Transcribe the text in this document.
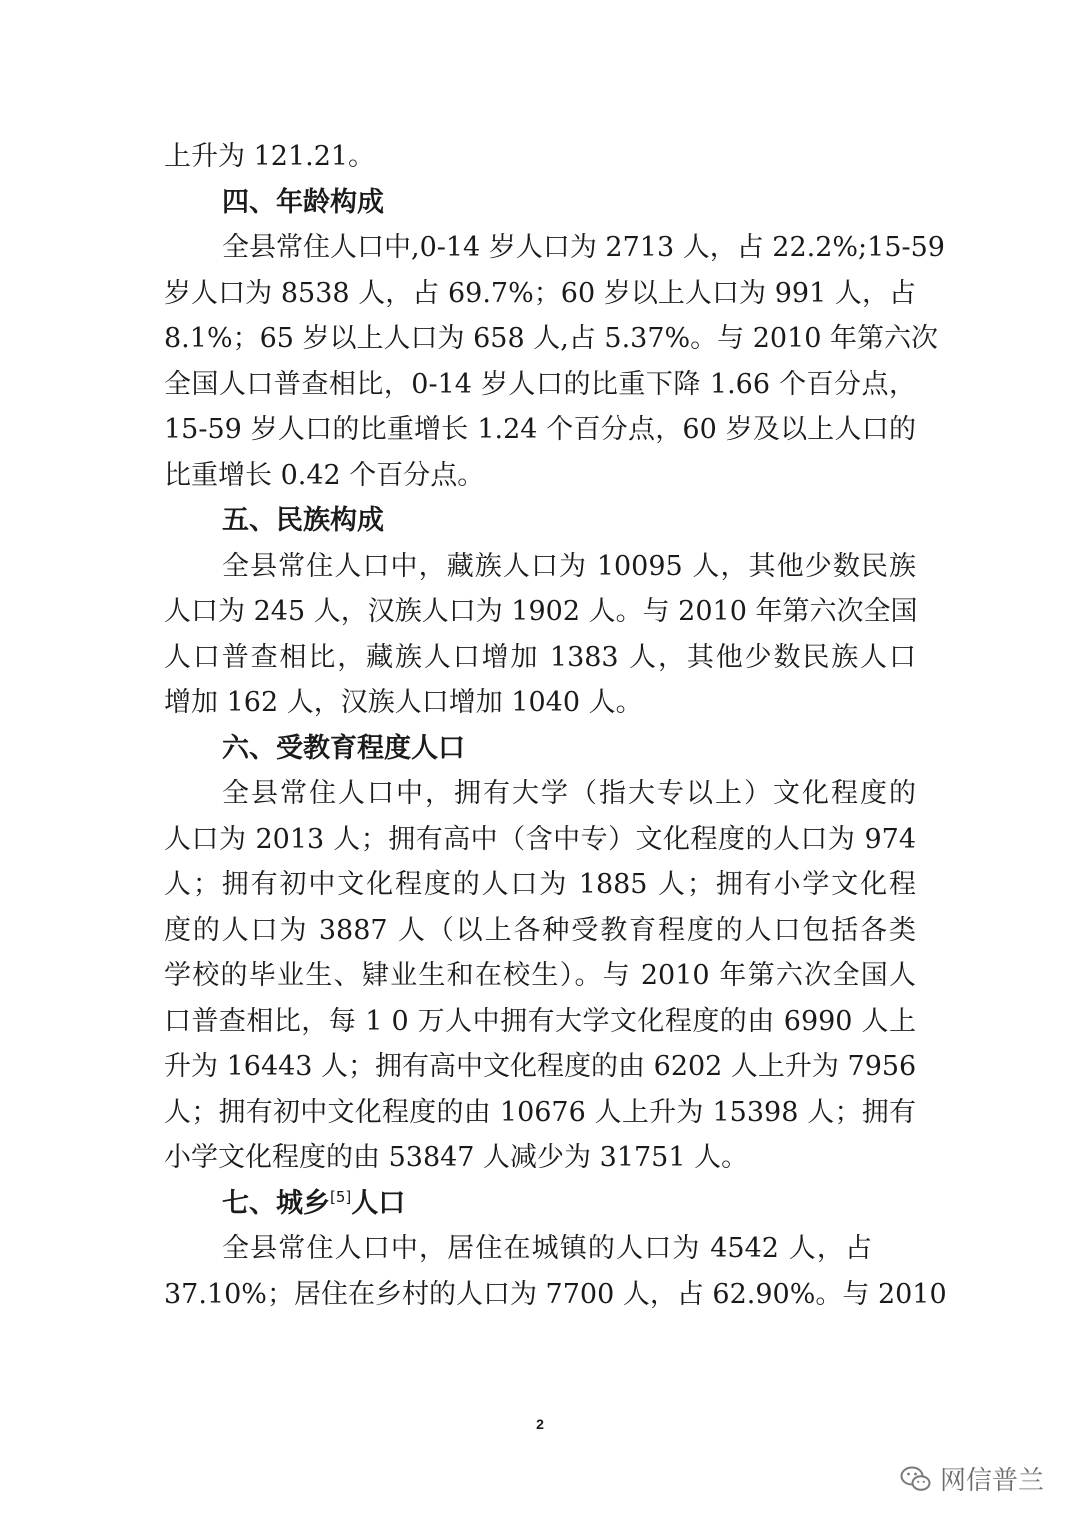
上升为 121.21。
四、年龄构成
全县常住人口中,0-14 岁人口为 2713 人，占 22.2%;15-59
岁人口为 8538 人，占 69.7%；60 岁以上人口为 991 人，占
8.1%；65 岁以上人口为 658 人,占 5.37%。与 2010 年第六次
全国人口普查相比，0-14 岁人口的比重下降 1.66 个百分点，
15-59 岁人口的比重增长 1.24 个百分点，60 岁及以上人口的
比重增长 0.42 个百分点。
五、民族构成
全县常住人口中，藏族人口为 10095 人，其他少数民族
人口为 245 人，汉族人口为 1902 人。与 2010 年第六次全国
人口普查相比，藏族人口增加 1383 人，其他少数民族人口
增加 162 人，汉族人口增加 1040 人。
六、受教育程度人口
全县常住人口中，拥有大学（指大专以上）文化程度的
人口为 2013 人；拥有高中（含中专）文化程度的人口为 974
人；拥有初中文化程度的人口为 1885 人；拥有小学文化程
度的人口为 3887 人（以上各种受教育程度的人口包括各类
学校的毕业生、肄业生和在校生）。与 2010 年第六次全国人
口普查相比，每 1 0 万人中拥有大学文化程度的由 6990 人上
升为 16443 人；拥有高中文化程度的由 6202 人上升为 7956
人；拥有初中文化程度的由 10676 人上升为 15398 人；拥有
小学文化程度的由 53847 人减少为 31751 人。
七、城乡[5]人口
全县常住人口中，居住在城镇的人口为 4542 人，占
37.10%；居住在乡村的人口为 7700 人，占 62.90%。与 2010
2
网信普兰
